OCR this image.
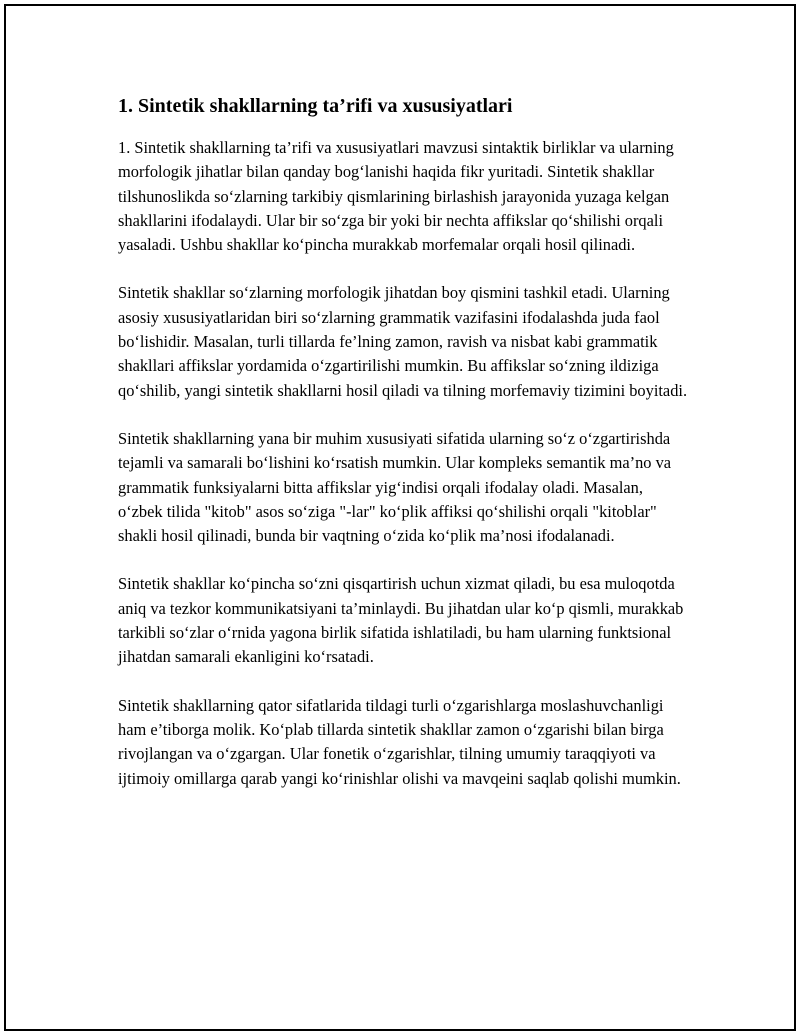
1. Sintetik shakllarning ta’rifi va xususiyatlari

1. Sintetik shakllarning ta’rifi va xususiyatlari mavzusi sintaktik birliklar va ularning morfologik jihatlar bilan qanday bog‘lanishi haqida fikr yuritadi. Sintetik shakllar tilshunoslikda so‘zlarning tarkibiy qismlarining birlashish jarayonida yuzaga kelgan shakllarini ifodalaydi. Ular bir so‘zga bir yoki bir nechta affikslar qo‘shilishi orqali yasaladi. Ushbu shakllar ko‘pincha murakkab morfemalar orqali hosil qilinadi.

Sintetik shakllar so‘zlarning morfologik jihatdan boy qismini tashkil etadi. Ularning asosiy xususiyatlaridan biri so‘zlarning grammatik vazifasini ifodalashda juda faol bo‘lishidir. Masalan, turli tillarda fe’lning zamon, ravish va nisbat kabi grammatik shakllari affikslar yordamida o‘zgartirilishi mumkin. Bu affikslar so‘zning ildiziga qo‘shilib, yangi sintetik shakllarni hosil qiladi va tilning morfemaviy tizimini boyitadi.

Sintetik shakllarning yana bir muhim xususiyati sifatida ularning so‘z o‘zgartirishda tejamli va samarali bo‘lishini ko‘rsatish mumkin. Ular kompleks semantik ma’no va grammatik funksiyalarni bitta affikslar yig‘indisi orqali ifodalay oladi. Masalan, o‘zbek tilida "kitob" asos so‘ziga "-lar" ko‘plik affiksi qo‘shilishi orqali "kitoblar" shakli hosil qilinadi, bunda bir vaqtning o‘zida ko‘plik ma’nosi ifodalanadi.

Sintetik shakllar ko‘pincha so‘zni qisqartirish uchun xizmat qiladi, bu esa muloqotda aniq va tezkor kommunikatsiyani ta’minlaydi. Bu jihatdan ular ko‘p qismli, murakkab tarkibli so‘zlar o‘rnida yagona birlik sifatida ishlatiladi, bu ham ularning funktsional jihatdan samarali ekanligini ko‘rsatadi.

Sintetik shakllarning qator sifatlarida tildagi turli o‘zgarishlarga moslashuvchanligi ham e’tiborga molik. Ko‘plab tillarda sintetik shakllar zamon o‘zgarishi bilan birga rivojlangan va o‘zgargan. Ular fonetik o‘zgarishlar, tilning umumiy taraqqiyoti va ijtimoiy omillarga qarab yangi ko‘rinishlar olishi va mavqeini saqlab qolishi mumkin.
